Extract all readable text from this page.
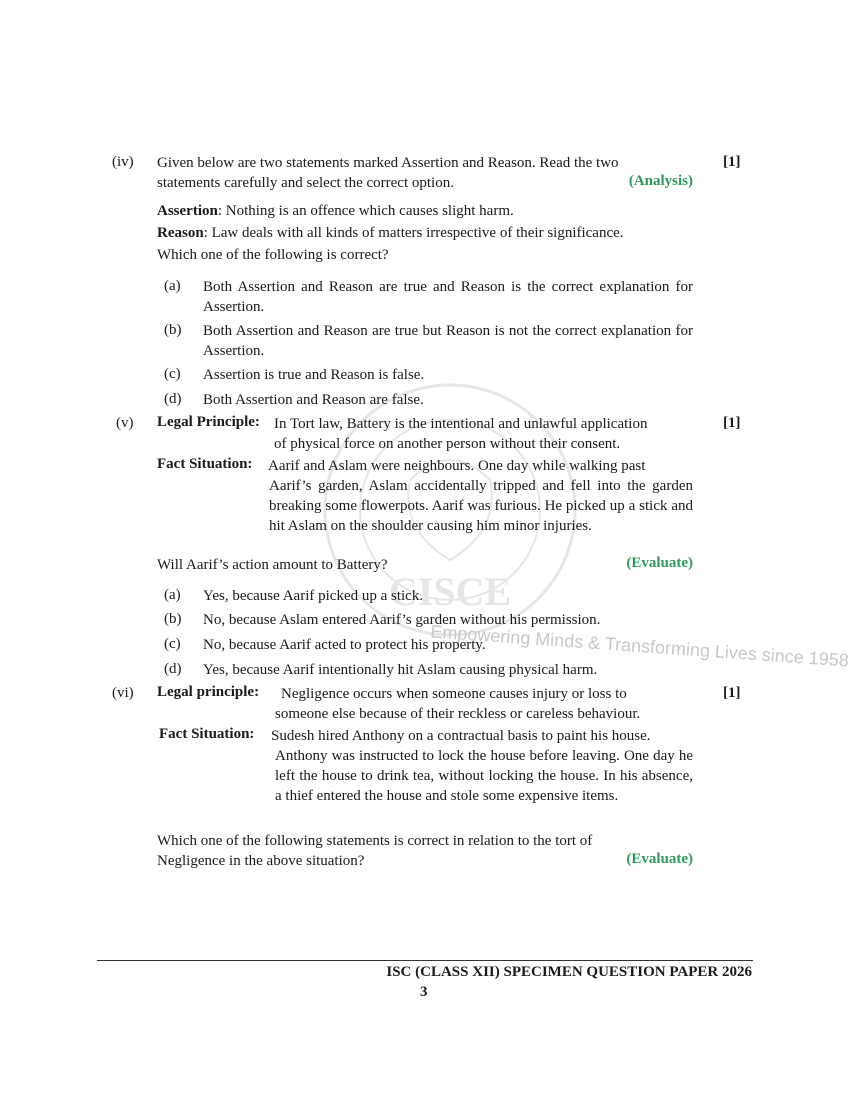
CISCE
(iv)	[1]
Given below are two statements marked Assertion and Reason. Read the two
statements carefully and select the correct option.	(Analysis)
Assertion: Nothing is an offence which causes slight harm.
Reason: Law deals with all kinds of matters irrespective of their significance.
Which one of the following is correct?
(a) Both Assertion and Reason are true and Reason is the correct explanation for Assertion.
(b) Both Assertion and Reason are true but Reason is not the correct explanation for Assertion.
(c) Assertion is true and Reason is false.
(d) Both Assertion and Reason are false.
(v)	[1]
Legal Principle: In Tort law, Battery is the intentional and unlawful application
of physical force on another person without their consent.
Fact Situation: Aarif and Aslam were neighbours. One day while walking past
Aarif’s garden, Aslam accidentally tripped and fell into the garden breaking some flowerpots. Aarif was furious. He picked up a stick and hit Aslam on the shoulder causing him minor injuries.
Will Aarif’s action amount to Battery?	(Evaluate)
(a) Yes, because Aarif picked up a stick.
(b) No, because Aslam entered Aarif’s garden without his permission.
(c) No, because Aarif acted to protect his property.
(d) Yes, because Aarif intentionally hit Aslam causing physical harm.
Empowering Minds & Transforming Lives since 1958
(vi)	[1]
Legal principle: Negligence occurs when someone causes injury or loss to
someone else because of their reckless or careless behaviour.
Fact Situation: Sudesh hired Anthony on a contractual basis to paint his house.
Anthony was instructed to lock the house before leaving. One day he left the house to drink tea, without locking the house. In his absence, a thief entered the house and stole some expensive items.
Which one of the following statements is correct in relation to the tort of
Negligence in the above situation?	(Evaluate)
ISC (CLASS XII) SPECIMEN QUESTION PAPER 2026
3
